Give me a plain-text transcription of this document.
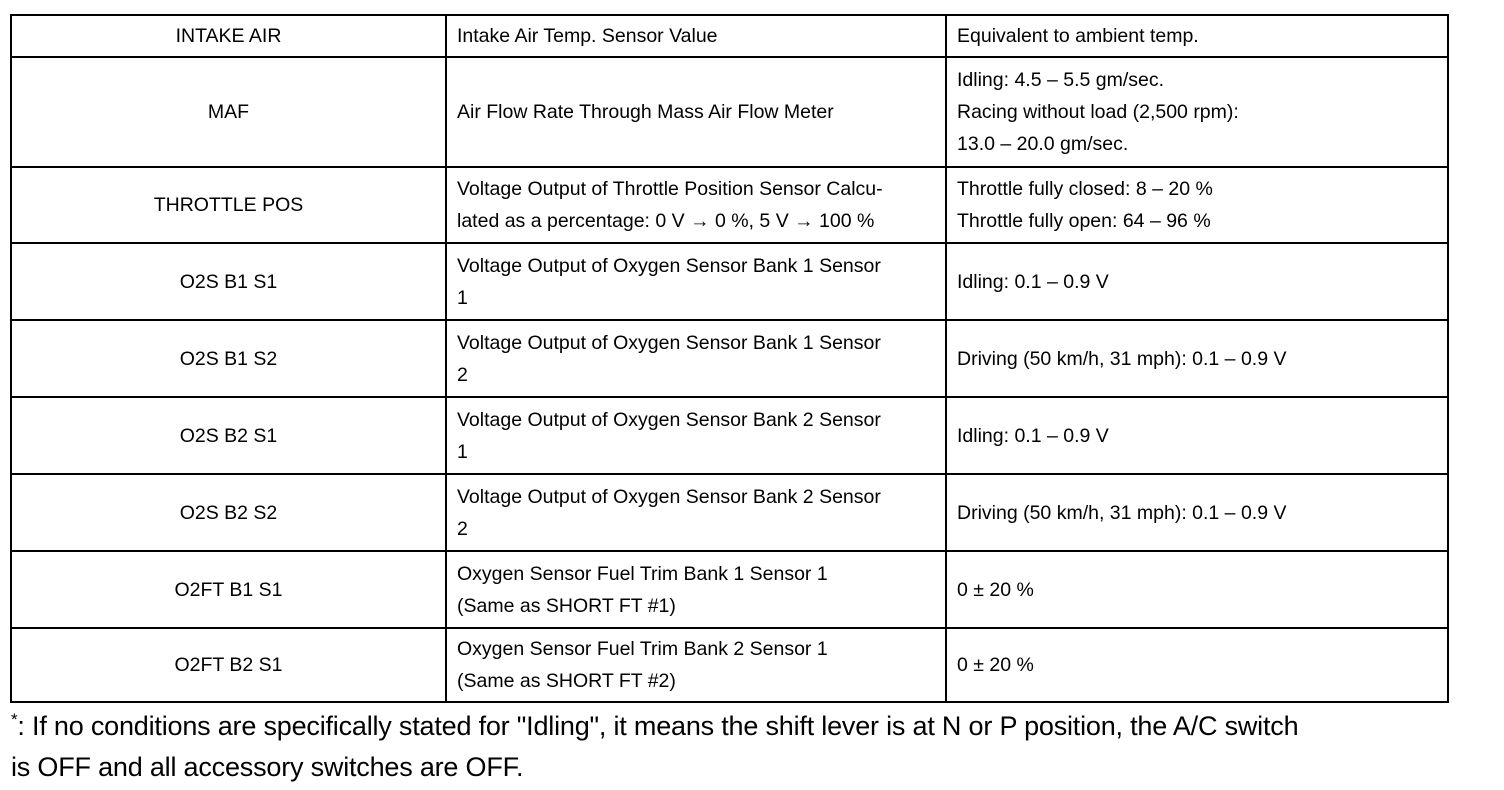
INTAKE AIR	Intake Air Temp. Sensor Value	Equivalent to ambient temp.

MAF	Air Flow Rate Through Mass Air Flow Meter	Idling: 4.5 – 5.5 gm/sec.
Racing without load (2,500 rpm):
13.0 – 20.0 gm/sec.

THROTTLE POS	Voltage Output of Throttle Position Sensor Calcu-
lated as a percentage: 0 V → 0 %, 5 V → 100 %	Throttle fully closed: 8 – 20 %
Throttle fully open: 64 – 96 %

O2S B1 S1	Voltage Output of Oxygen Sensor Bank 1 Sensor
1	Idling: 0.1 – 0.9 V

O2S B1 S2	Voltage Output of Oxygen Sensor Bank 1 Sensor
2	Driving (50 km/h, 31 mph): 0.1 – 0.9 V

O2S B2 S1	Voltage Output of Oxygen Sensor Bank 2 Sensor
1	Idling: 0.1 – 0.9 V

O2S B2 S2	Voltage Output of Oxygen Sensor Bank 2 Sensor
2	Driving (50 km/h, 31 mph): 0.1 – 0.9 V

O2FT B1 S1	Oxygen Sensor Fuel Trim Bank 1 Sensor 1
(Same as SHORT FT #1)	0 ± 20 %

O2FT B2 S1	Oxygen Sensor Fuel Trim Bank 2 Sensor 1
(Same as SHORT FT #2)	0 ± 20 %
*: If no conditions are specifically stated for "Idling", it means the shift lever is at N or P position, the A/C switch
is OFF and all accessory switches are OFF.
